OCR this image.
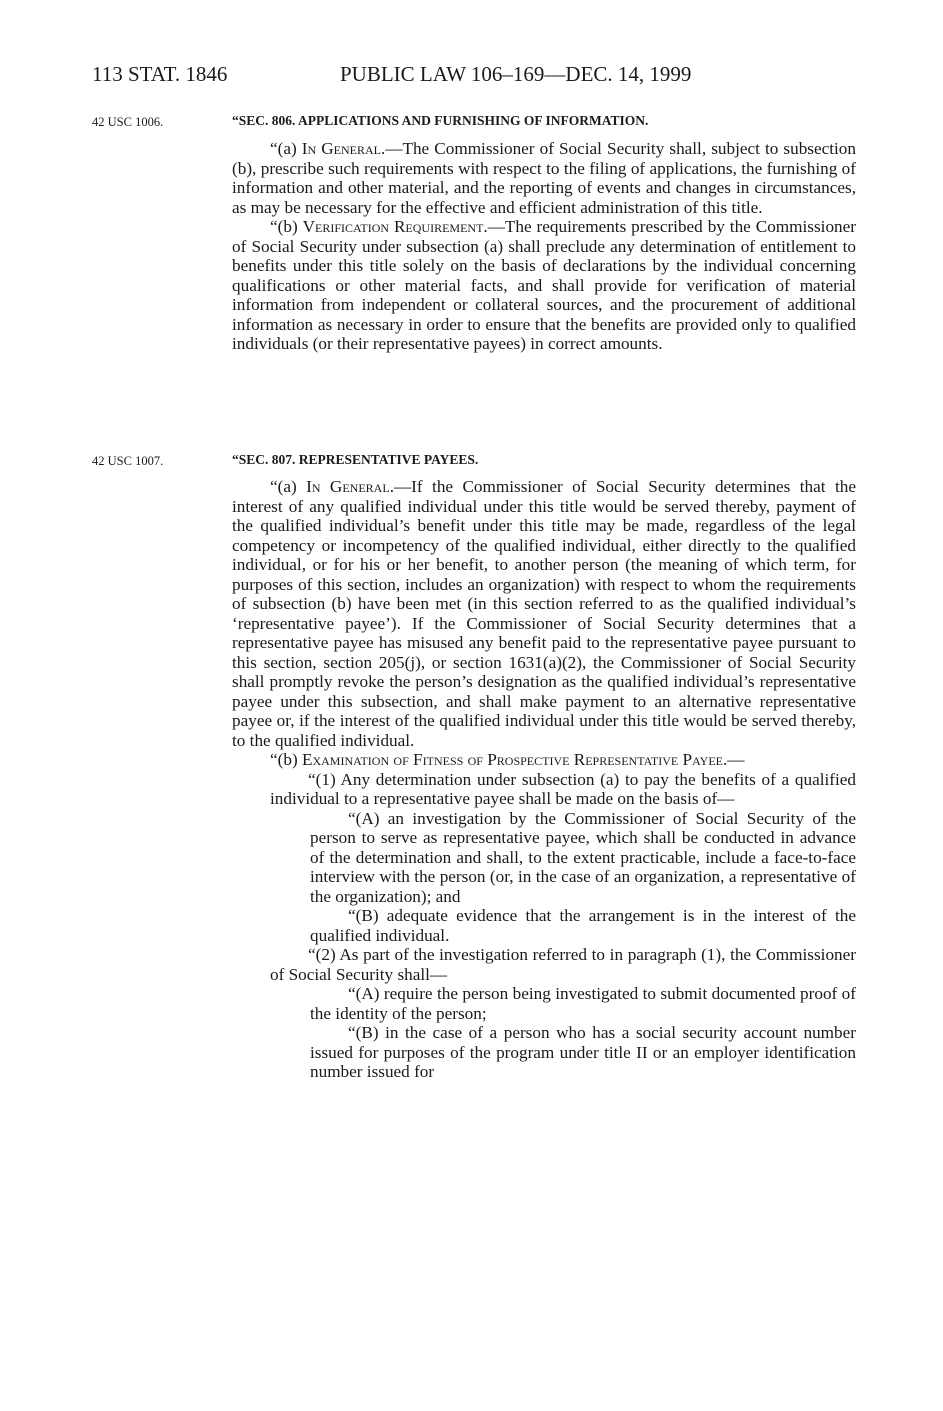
113 STAT. 1846	PUBLIC LAW 106–169—DEC. 14, 1999
42 USC 1006.	“SEC. 806. APPLICATIONS AND FURNISHING OF INFORMATION.

“(a) In General.—The Commissioner of Social Security shall, subject to subsection (b), prescribe such requirements with respect to the filing of applications, the furnishing of information and other material, and the reporting of events and changes in circumstances, as may be necessary for the effective and efficient administration of this title.

“(b) Verification Requirement.—The requirements prescribed by the Commissioner of Social Security under subsection (a) shall preclude any determination of entitlement to benefits under this title solely on the basis of declarations by the individual concerning qualifications or other material facts, and shall provide for verification of material information from independent or collateral sources, and the procurement of additional information as necessary in order to ensure that the benefits are provided only to qualified individuals (or their representative payees) in correct amounts.

42 USC 1007.	“SEC. 807. REPRESENTATIVE PAYEES.

“(a) In General.—If the Commissioner of Social Security determines that the interest of any qualified individual under this title would be served thereby, payment of the qualified individual’s benefit under this title may be made, regardless of the legal competency or incompetency of the qualified individual, either directly to the qualified individual, or for his or her benefit, to another person (the meaning of which term, for purposes of this section, includes an organization) with respect to whom the requirements of subsection (b) have been met (in this section referred to as the qualified individual’s ‘representative payee’). If the Commissioner of Social Security determines that a representative payee has misused any benefit paid to the representative payee pursuant to this section, section 205(j), or section 1631(a)(2), the Commissioner of Social Security shall promptly revoke the person’s designation as the qualified individual’s representative payee under this subsection, and shall make payment to an alternative representative payee or, if the interest of the qualified individual under this title would be served thereby, to the qualified individual.

“(b) Examination of Fitness of Prospective Representative Payee.—

“(1) Any determination under subsection (a) to pay the benefits of a qualified individual to a representative payee shall be made on the basis of—

“(A) an investigation by the Commissioner of Social Security of the person to serve as representative payee, which shall be conducted in advance of the determination and shall, to the extent practicable, include a face-to-face interview with the person (or, in the case of an organization, a representative of the organization); and

“(B) adequate evidence that the arrangement is in the interest of the qualified individual.

“(2) As part of the investigation referred to in paragraph (1), the Commissioner of Social Security shall—

“(A) require the person being investigated to submit documented proof of the identity of the person;

“(B) in the case of a person who has a social security account number issued for purposes of the program under title II or an employer identification number issued for
